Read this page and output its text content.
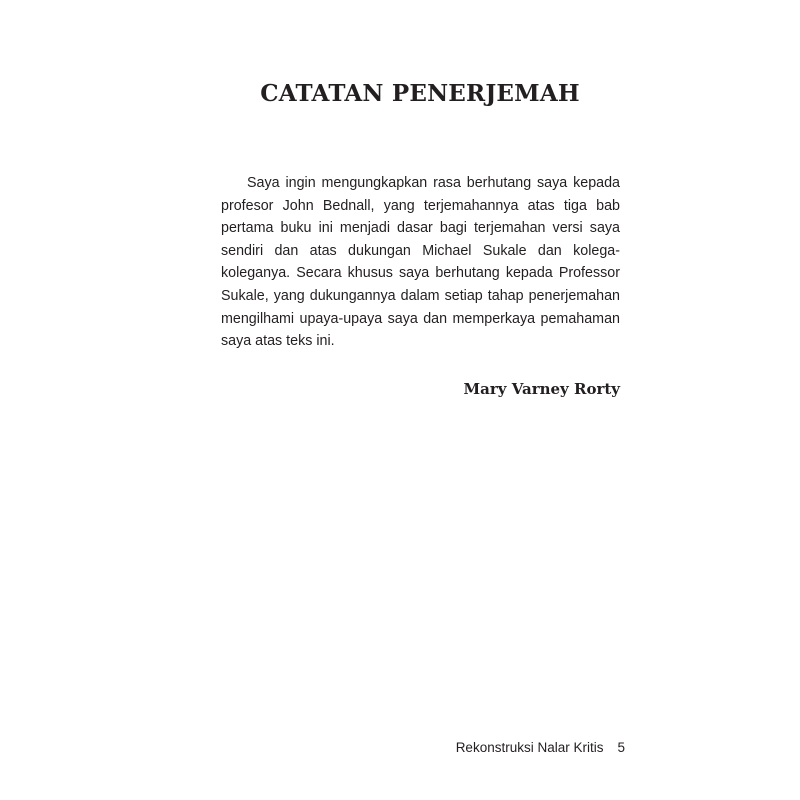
CATATAN PENERJEMAH
Saya ingin mengungkapkan rasa berhutang saya kepada
profesor John Bednall, yang terjemahannya atas tiga bab
pertama buku ini menjadi dasar bagi terjemahan versi saya
sendiri dan atas dukungan Michael Sukale dan kolega-
koleganya. Secara khusus saya berhutang kepada Professor
Sukale, yang dukungannya dalam setiap tahap penerjemahan
mengilhami upaya-upaya saya dan memperkaya pemahaman
saya atas teks ini.

Mary Varney Rorty

Rekonstruksi Nalar Kritis 5
